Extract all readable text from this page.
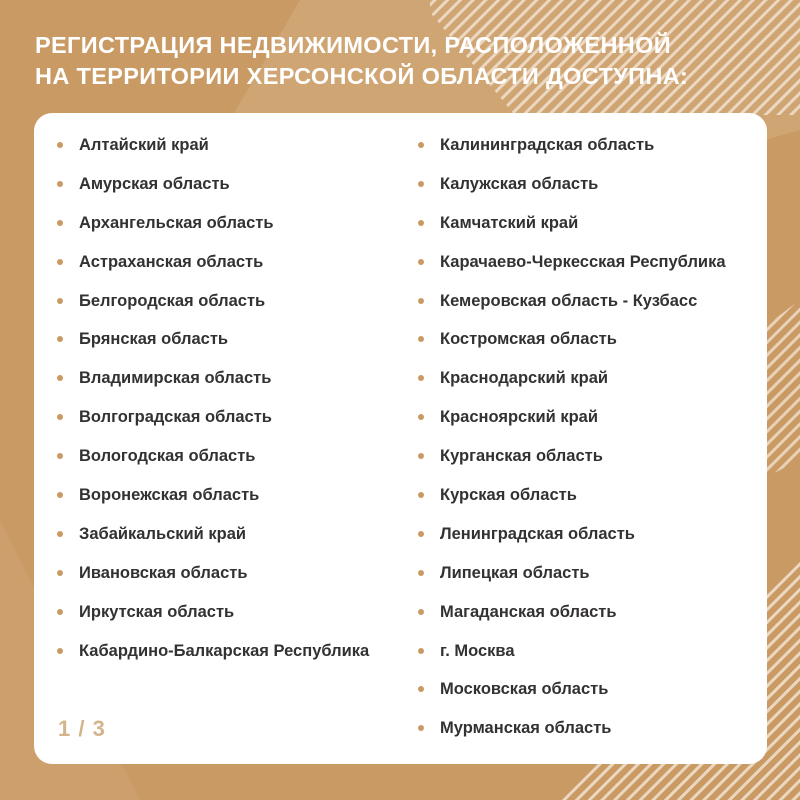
РЕГИСТРАЦИЯ НЕДВИЖИМОСТИ, РАСПОЛОЖЕННОЙ
НА ТЕРРИТОРИИ ХЕРСОНСКОЙ ОБЛАСТИ ДОСТУПНА:
Алтайский край
Амурская область
Архангельская область
Астраханская область
Белгородская область
Брянская область
Владимирская область
Волгоградская область
Вологодская область
Воронежская область
Забайкальский край
Ивановская область
Иркутская область
Кабардино-Балкарская Республика
Калининградская область
Калужская область
Камчатский край
Карачаево-Черкесская Республика
Кемеровская область - Кузбасс
Костромская область
Краснодарский край
Красноярский край
Курганская область
Курская область
Ленинградская область
Липецкая область
Магаданская область
г. Москва
Московская область
Мурманская область
1 / 3
